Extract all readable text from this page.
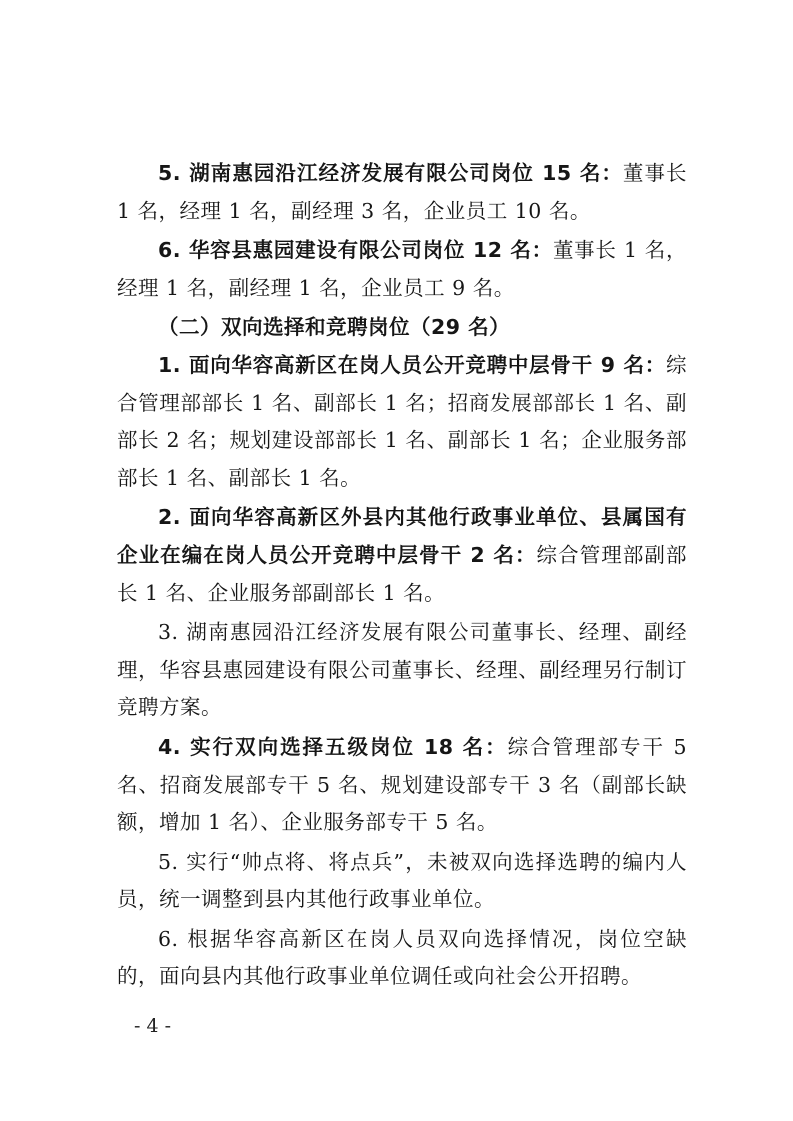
5. 湖南惠园沿江经济发展有限公司岗位 15 名：董事长 1 名，经理 1 名，副经理 3 名，企业员工 10 名。

6. 华容县惠园建设有限公司岗位 12 名：董事长 1 名，经理 1 名，副经理 1 名，企业员工 9 名。

（二）双向选择和竞聘岗位（29 名）

1. 面向华容高新区在岗人员公开竞聘中层骨干 9 名：综合管理部部长 1 名、副部长 1 名；招商发展部部长 1 名、副部长 2 名；规划建设部部长 1 名、副部长 1 名；企业服务部部长 1 名、副部长 1 名。

2. 面向华容高新区外县内其他行政事业单位、县属国有企业在编在岗人员公开竞聘中层骨干 2 名：综合管理部副部长 1 名、企业服务部副部长 1 名。

3. 湖南惠园沿江经济发展有限公司董事长、经理、副经理，华容县惠园建设有限公司董事长、经理、副经理另行制订竞聘方案。

4. 实行双向选择五级岗位 18 名：综合管理部专干 5 名、招商发展部专干 5 名、规划建设部专干 3 名（副部长缺额，增加 1 名）、企业服务部专干 5 名。

5. 实行“帅点将、将点兵”，未被双向选择选聘的编内人员，统一调整到县内其他行政事业单位。

6. 根据华容高新区在岗人员双向选择情况，岗位空缺的，面向县内其他行政事业单位调任或向社会公开招聘。

- 4 -
